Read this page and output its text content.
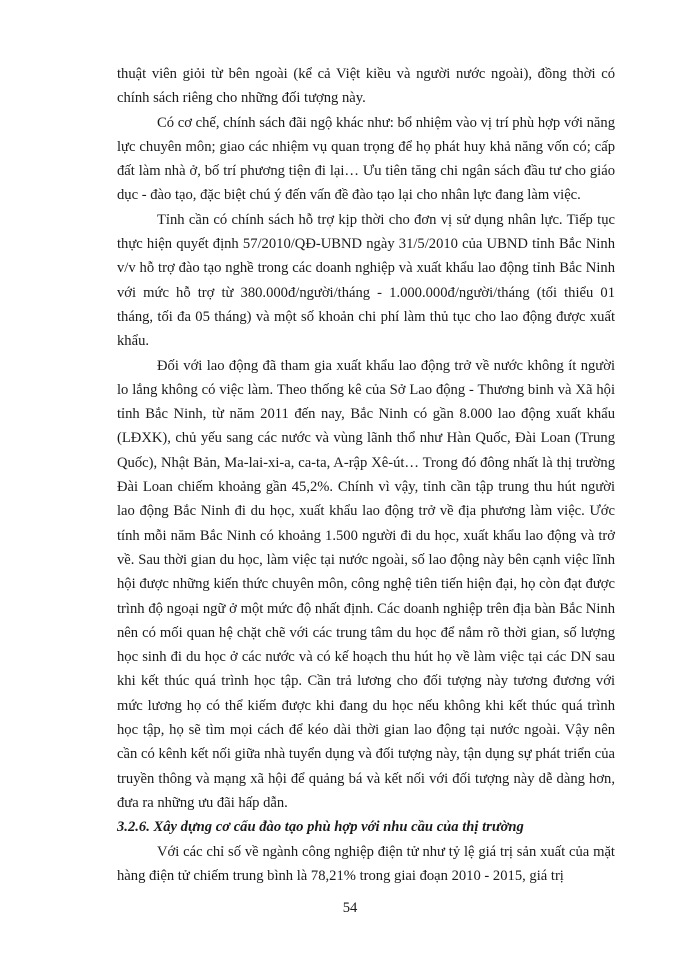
thuật viên giỏi từ bên ngoài (kể cả Việt kiều và người nước ngoài), đồng thời có chính sách riêng cho những đối tượng này.

Có cơ chế, chính sách đãi ngộ khác như: bổ nhiệm vào vị trí phù hợp với năng lực chuyên môn; giao các nhiệm vụ quan trọng để họ phát huy khả năng vốn có; cấp đất làm nhà ở, bố trí phương tiện đi lại… Ưu tiên tăng chi ngân sách đầu tư cho giáo dục - đào tạo, đặc biệt chú ý đến vấn đề đào tạo lại cho nhân lực đang làm việc.

Tỉnh cần có chính sách hỗ trợ kịp thời cho đơn vị sử dụng nhân lực. Tiếp tục thực hiện quyết định 57/2010/QĐ-UBND ngày 31/5/2010 của UBND tỉnh Bắc Ninh v/v hỗ trợ đào tạo nghề trong các doanh nghiệp và xuất khẩu lao động tỉnh Bắc Ninh với mức hỗ trợ từ 380.000đ/người/tháng - 1.000.000đ/người/tháng (tối thiểu 01 tháng, tối đa 05 tháng) và một số khoản chi phí làm thủ tục cho lao động được xuất khẩu.

Đối với lao động đã tham gia xuất khẩu lao động trở về nước không ít người lo lắng không có việc làm. Theo thống kê của Sở Lao động - Thương binh và Xã hội tỉnh Bắc Ninh, từ năm 2011 đến nay, Bắc Ninh có gần 8.000 lao động xuất khẩu (LĐXK), chủ yếu sang các nước và vùng lãnh thổ như Hàn Quốc, Đài Loan (Trung Quốc), Nhật Bản, Ma-lai-xi-a, ca-ta, A-rập Xê-út… Trong đó đông nhất là thị trường Đài Loan chiếm khoảng gần 45,2%. Chính vì vậy, tỉnh cần tập trung thu hút người lao động Bắc Ninh đi du học, xuất khẩu lao động trở về địa phương làm việc. Ước tính mỗi năm Bắc Ninh có khoảng 1.500 người đi du học, xuất khẩu lao động và trở về. Sau thời gian du học, làm việc tại nước ngoài, số lao động này bên cạnh việc lĩnh hội được những kiến thức chuyên môn, công nghệ tiên tiến hiện đại, họ còn đạt được trình độ ngoại ngữ ở một mức độ nhất định. Các doanh nghiệp trên địa bàn Bắc Ninh nên có mối quan hệ chặt chẽ với các trung tâm du học để nắm rõ thời gian, số lượng học sinh đi du học ở các nước và có kế hoạch thu hút họ về làm việc tại các DN sau khi kết thúc quá trình học tập. Cần trả lương cho đối tượng này tương đương với mức lương họ có thể kiếm được khi đang du học nếu không khi kết thúc quá trình học tập, họ sẽ tìm mọi cách để kéo dài thời gian lao động tại nước ngoài. Vậy nên cần có kênh kết nối giữa nhà tuyển dụng và đối tượng này, tận dụng sự phát triển của truyền thông và mạng xã hội để quảng bá và kết nối với đối tượng này dễ dàng hơn, đưa ra những ưu đãi hấp dẫn.

3.2.6. Xây dựng cơ cấu đào tạo phù hợp với nhu cầu của thị trường

Với các chỉ số về ngành công nghiệp điện tử như tỷ lệ giá trị sản xuất của mặt hàng điện tử chiếm trung bình là 78,21% trong giai đoạn 2010 - 2015, giá trị

54
